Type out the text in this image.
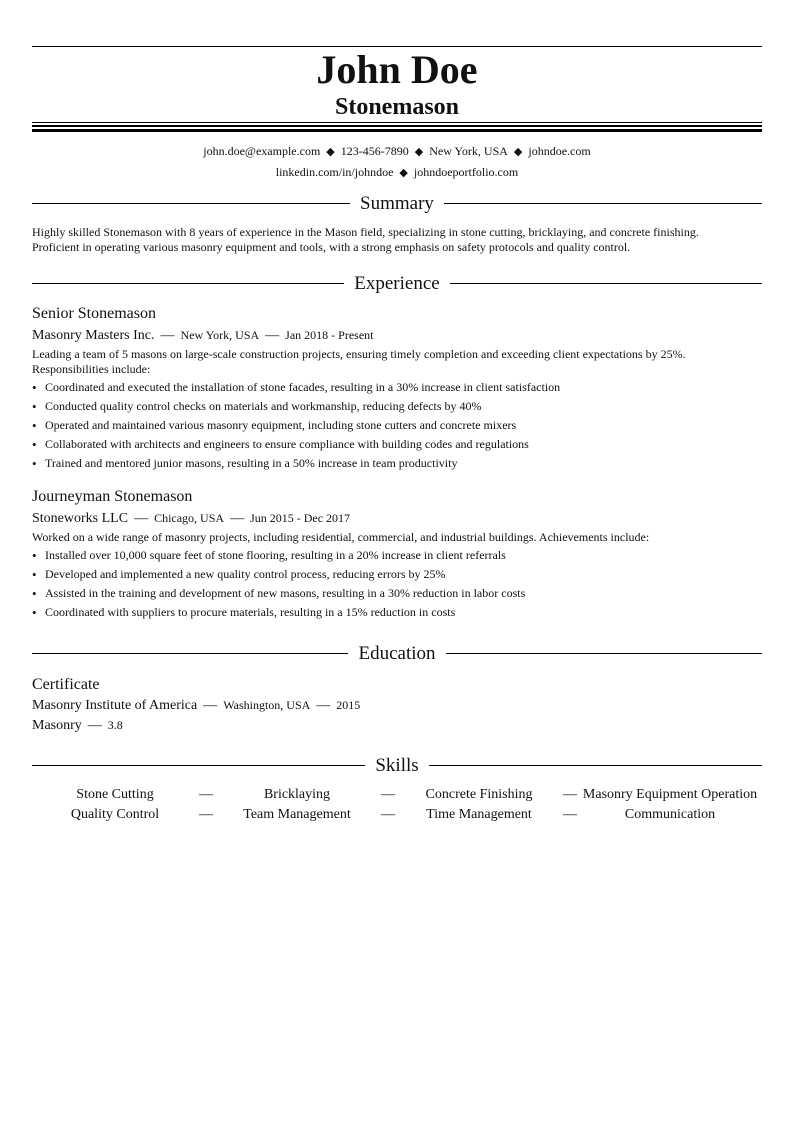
John Doe
Stonemason
john.doe@example.com ◆ 123-456-7890 ◆ New York, USA ◆ johndoe.com
linkedin.com/in/johndoe ◆ johndoeportfolio.com
Summary
Highly skilled Stonemason with 8 years of experience in the Mason field, specializing in stone cutting, bricklaying, and concrete finishing. Proficient in operating various masonry equipment and tools, with a strong emphasis on safety protocols and quality control.
Experience
Senior Stonemason
Masonry Masters Inc. — New York, USA — Jan 2018 - Present
Leading a team of 5 masons on large-scale construction projects, ensuring timely completion and exceeding client expectations by 25%. Responsibilities include:
• Coordinated and executed the installation of stone facades, resulting in a 30% increase in client satisfaction
• Conducted quality control checks on materials and workmanship, reducing defects by 40%
• Operated and maintained various masonry equipment, including stone cutters and concrete mixers
• Collaborated with architects and engineers to ensure compliance with building codes and regulations
• Trained and mentored junior masons, resulting in a 50% increase in team productivity
Journeyman Stonemason
Stoneworks LLC — Chicago, USA — Jun 2015 - Dec 2017
Worked on a wide range of masonry projects, including residential, commercial, and industrial buildings. Achievements include:
• Installed over 10,000 square feet of stone flooring, resulting in a 20% increase in client referrals
• Developed and implemented a new quality control process, reducing errors by 25%
• Assisted in the training and development of new masons, resulting in a 30% reduction in labor costs
• Coordinated with suppliers to procure materials, resulting in a 15% reduction in costs
Education
Certificate
Masonry Institute of America — Washington, USA — 2015
Masonry — 3.8
Skills
Stone Cutting	—	Bricklaying	—	Concrete Finishing	— Masonry Equipment Operation
Quality Control	—	Team Management	—	Time Management	—	Communication
